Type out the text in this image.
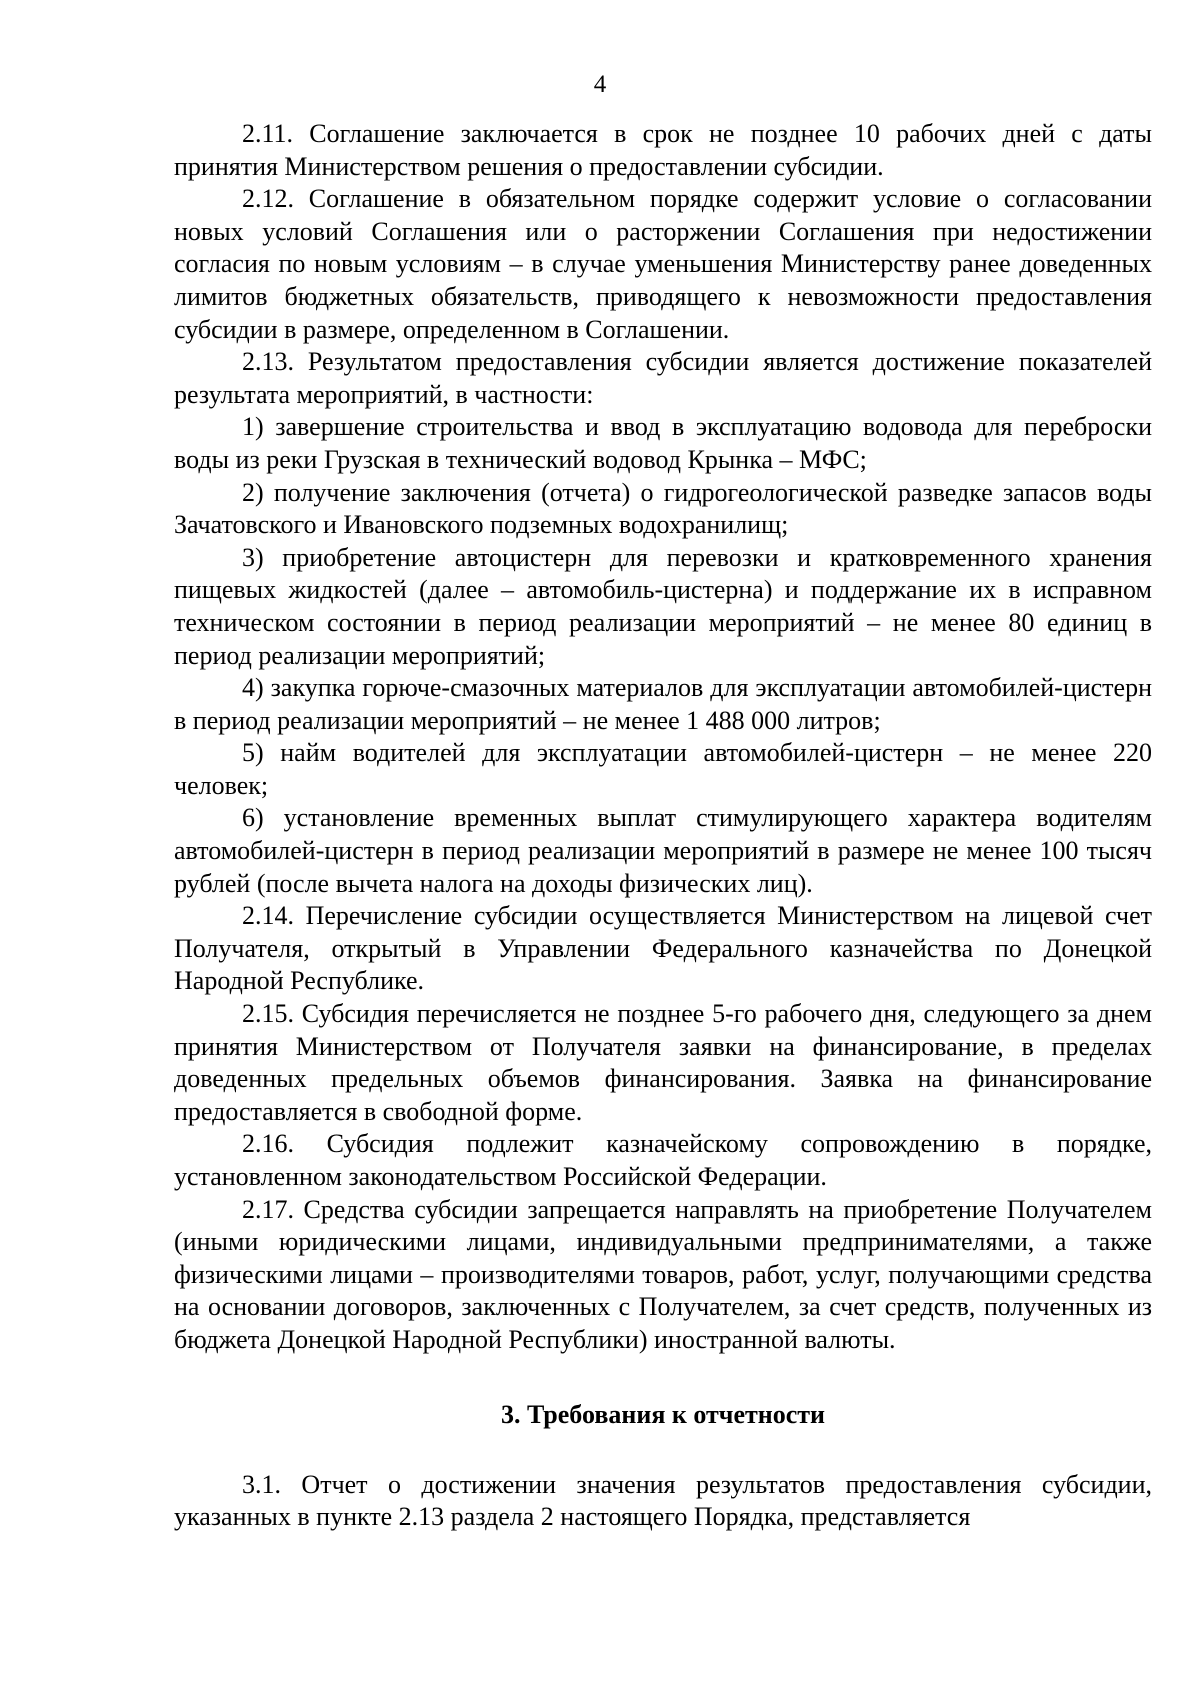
4

2.11. Соглашение заключается в срок не позднее 10 рабочих дней с даты принятия Министерством решения о предоставлении субсидии.

2.12. Соглашение в обязательном порядке содержит условие о согласовании новых условий Соглашения или о расторжении Соглашения при недостижении согласия по новым условиям – в случае уменьшения Министерству ранее доведенных лимитов бюджетных обязательств, приводящего к невозможности предоставления субсидии в размере, определенном в Соглашении.

2.13. Результатом предоставления субсидии является достижение показателей результата мероприятий, в частности:

1) завершение строительства и ввод в эксплуатацию водовода для переброски воды из реки Грузская в технический водовод Крынка – МФС;

2) получение заключения (отчета) о гидрогеологической разведке запасов воды Зачатовского и Ивановского подземных водохранилищ;

3) приобретение автоцистерн для перевозки и кратковременного хранения пищевых жидкостей (далее – автомобиль-цистерна) и поддержание их в исправном техническом состоянии в период реализации мероприятий – не менее 80 единиц в период реализации мероприятий;

4) закупка горюче-смазочных материалов для эксплуатации автомобилей-цистерн в период реализации мероприятий – не менее 1 488 000 литров;

5) найм водителей для эксплуатации автомобилей-цистерн – не менее 220 человек;

6) установление временных выплат стимулирующего характера водителям автомобилей-цистерн в период реализации мероприятий в размере не менее 100 тысяч рублей (после вычета налога на доходы физических лиц).

2.14. Перечисление субсидии осуществляется Министерством на лицевой счет Получателя, открытый в Управлении Федерального казначейства по Донецкой Народной Республике.

2.15. Субсидия перечисляется не позднее 5-го рабочего дня, следующего за днем принятия Министерством от Получателя заявки на финансирование, в пределах доведенных предельных объемов финансирования. Заявка на финансирование предоставляется в свободной форме.

2.16. Субсидия подлежит казначейскому сопровождению в порядке, установленном законодательством Российской Федерации.

2.17. Средства субсидии запрещается направлять на приобретение Получателем (иными юридическими лицами, индивидуальными предпринимателями, а также физическими лицами – производителями товаров, работ, услуг, получающими средства на основании договоров, заключенных с Получателем, за счет средств, полученных из бюджета Донецкой Народной Республики) иностранной валюты.

3. Требования к отчетности

3.1. Отчет о достижении значения результатов предоставления субсидии, указанных в пункте 2.13 раздела 2 настоящего Порядка, представляется
